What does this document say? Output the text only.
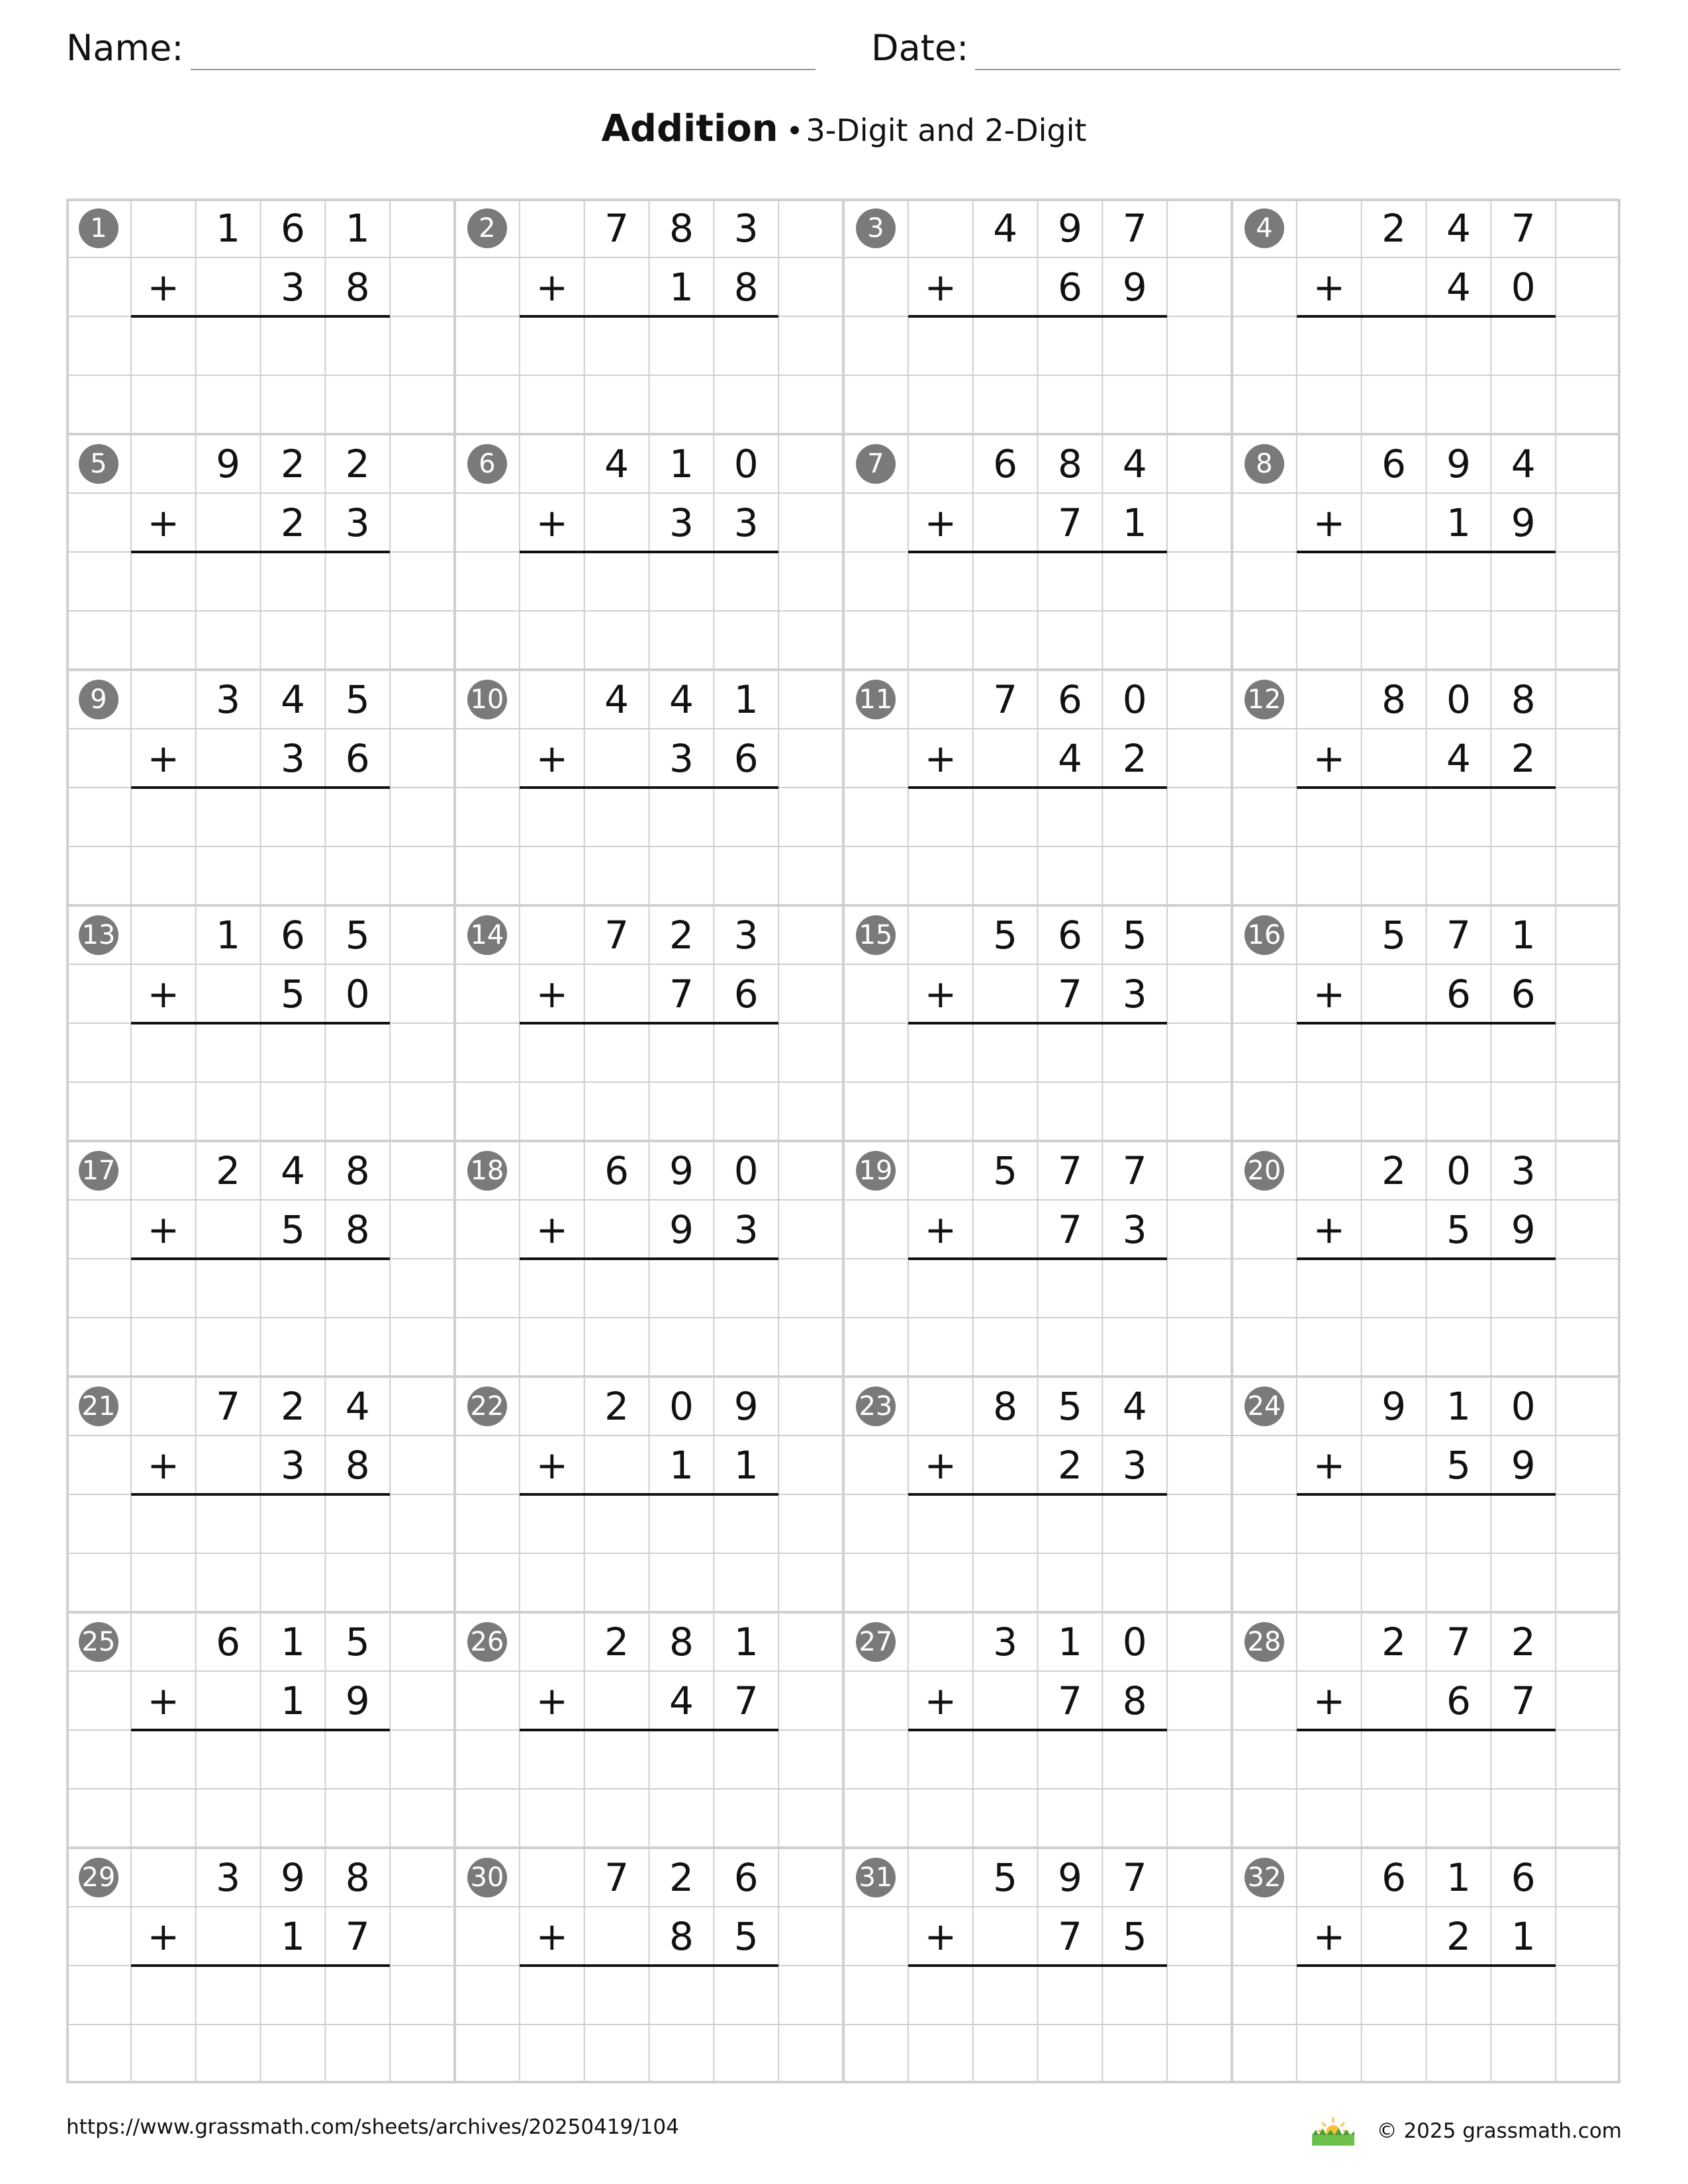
Name:	Date:
Addition •3-Digit and 2-Digit
1	1	6	1
+	3	8
2	7	8	3
+	1	8
3	4	9	7
+	6	9
4	2	4	7
+	4	0
5	9	2	2
+	2	3
6	4	1	0
+	3	3
7	6	8	4
+	7	1
8	6	9	4
+	1	9
9	3	4	5
+	3	6
10	4	4	1
+	3	6
11	7	6	0
+	4	2
12	8	0	8
+	4	2
13	1	6	5
+	5	0
14	7	2	3
+	7	6
15	5	6	5
+	7	3
16	5	7	1
+	6	6
17	2	4	8
+	5	8
18	6	9	0
+	9	3
19	5	7	7
+	7	3
20	2	0	3
+	5	9
21	7	2	4
+	3	8
22	2	0	9
+	1	1
23	8	5	4
+	2	3
24	9	1	0
+	5	9
25	6	1	5
+	1	9
26	2	8	1
+	4	7
27	3	1	0
+	7	8
28	2	7	2
+	6	7
29	3	9	8
+	1	7
30	7	2	6
+	8	5
31	5	9	7
+	7	5
32	6	1	6
+	2	1
https://www.grassmath.com/sheets/archives/20250419/104	© 2025 grassmath.com
